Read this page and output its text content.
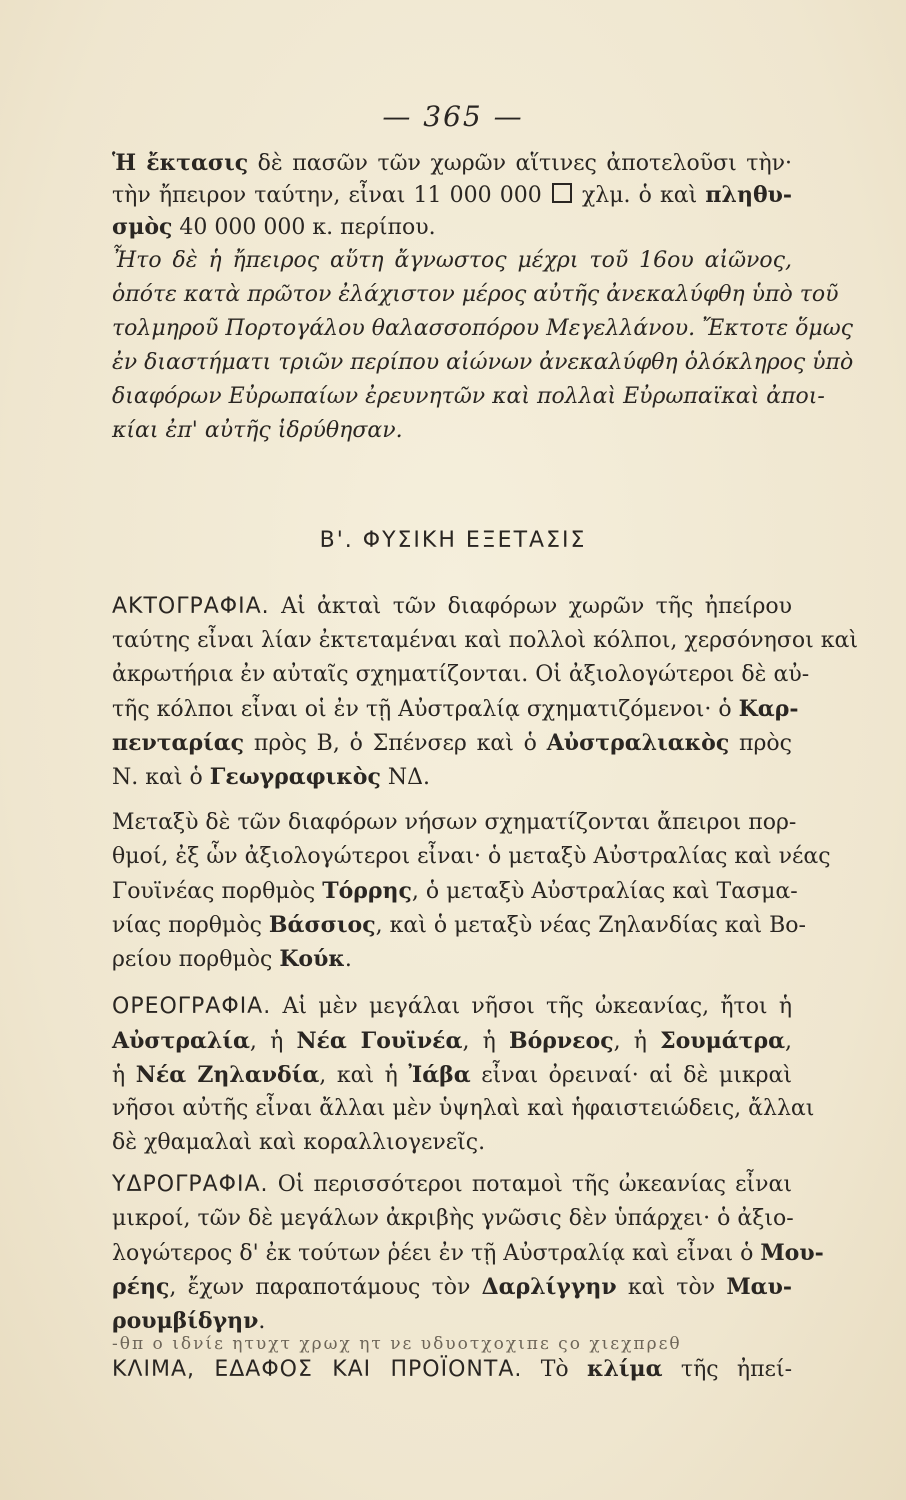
— 365 —
Ἡ ἔκτασις δὲ πασῶν τῶν χωρῶν αἵτινες ἀποτελοῦσι τὴν·
τὴν ἤπειρον ταύτην, εἶναι 11 000 000  χλμ. ὁ καὶ πληθυ-
σμὸς 40 000 000 κ. περίπου.
Ἦτο δὲ ἡ ἤπειρος αὕτη ἄγνωστος μέχρι τοῦ 16ου αἰῶνος,
ὁπότε κατὰ πρῶτον ἐλάχιστον μέρος αὐτῆς ἀνεκαλύφθη ὑπὸ τοῦ
τολμηροῦ Πορτογάλου θαλασσοπόρου Μεγελλάνου. Ἔκτοτε ὅμως
ἐν διαστήματι τριῶν περίπου αἰώνων ἀνεκαλύφθη ὁλόκληρος ὑπὸ
διαφόρων Εὐρωπαίων ἐρευνητῶν καὶ πολλαὶ Εὐρωπαϊκαὶ ἀποι-
κίαι ἐπ' αὐτῆς ἱδρύθησαν.
Β'. ΦΥΣΙΚΗ ΕΞΕΤΑΣΙΣ
ΑΚΤΟΓΡΑΦΙΑ. Αἱ ἀκταὶ τῶν διαφόρων χωρῶν τῆς ἠπείρου
ταύτης εἶναι λίαν ἐκτεταμέναι καὶ πολλοὶ κόλποι, χερσόνησοι καὶ
ἀκρωτήρια ἐν αὐταῖς σχηματίζονται. Οἱ ἀξιολογώτεροι δὲ αὐ-
τῆς κόλποι εἶναι οἱ ἐν τῇ Αὐστραλίᾳ σχηματιζόμενοι· ὁ Καρ-
πενταρίας πρὸς Β, ὁ Σπένσερ καὶ ὁ Αὐστραλιακὸς πρὸς
Ν. καὶ ὁ Γεωγραφικὸς ΝΔ.
Μεταξὺ δὲ τῶν διαφόρων νήσων σχηματίζονται ἄπειροι πορ-
θμοί, ἐξ ὧν ἀξιολογώτεροι εἶναι· ὁ μεταξὺ Αὐστραλίας καὶ νέας
Γουϊνέας πορθμὸς Τόρρης, ὁ μεταξὺ Αὐστραλίας καὶ Τασμα-
νίας πορθμὸς Βάσσιος, καὶ ὁ μεταξὺ νέας Ζηλανδίας καὶ Βο-
ρείου πορθμὸς Κούκ.
ΟΡΕΟΓΡΑΦΙΑ. Αἱ μὲν μεγάλαι νῆσοι τῆς ὠκεανίας, ἤτοι ἡ
Αὐστραλία, ἡ Νέα Γουϊνέα, ἡ Βόρνεος, ἡ Σουμάτρα,
ἡ Νέα Ζηλανδία, καὶ ἡ Ἰάβα εἶναι ὀρειναί· αἱ δὲ μικραὶ
νῆσοι αὐτῆς εἶναι ἄλλαι μὲν ὑψηλαὶ καὶ ἡφαιστειώδεις, ἄλλαι
δὲ χθαμαλαὶ καὶ κοραλλιογενεῖς.
ΥΔΡΟΓΡΑΦΙΑ. Οἱ περισσότεροι ποταμοὶ τῆς ὠκεανίας εἶναι
μικροί, τῶν δὲ μεγάλων ἀκριβὴς γνῶσις δὲν ὑπάρχει· ὁ ἀξιο-
λογώτερος δ' ἐκ τούτων ῥέει ἐν τῇ Αὐστραλίᾳ καὶ εἶναι ὁ Μου-
ρέης, ἔχων παραποτάμους τὸν Δαρλίγγην καὶ τὸν Μαυ-
ρουμβίδγην.
-θπ ο ιδνίε ητυχτ χρωχ ητ νε υδυοτχοχιπε ςο χιεχπρεθ
ΚΛΙΜΑ, ΕΔΑΦΟΣ ΚΑΙ ΠΡΟΪΟΝΤΑ. Τὸ κλίμα τῆς ἠπεί-
